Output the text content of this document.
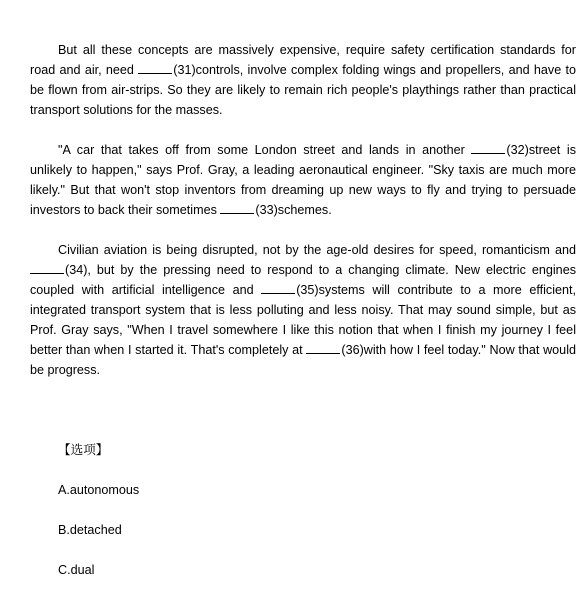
But all these concepts are massively expensive, require safety certification standards for road and air, need	(31)controls, involve complex folding wings and propellers, and have to be flown from air-strips. So they are likely to remain rich people's playthings rather than practical transport solutions for the masses.

"A car that takes off from some London street and lands in another	(32)street is unlikely to happen," says Prof. Gray, a leading aeronautical engineer. "Sky taxis are much more likely." But that won't stop inventors from dreaming up new ways to fly and trying to persuade investors to back their sometimes	(33)schemes.

Civilian aviation is being disrupted, not by the age-old desires for speed, romanticism and (34), but by the pressing need to respond to a changing climate. New electric engines coupled with artificial intelligence and	(35)systems will contribute to a more efficient, integrated transport system that is less polluting and less noisy. That may sound simple, but as Prof. Gray says, "When I travel somewhere I like this notion that when I finish my journey I feel better than when I started it. That's completely at	(36)with how I feel today." Now that would be progress.

【选项】
A.autonomous
B.detached
C.dual
